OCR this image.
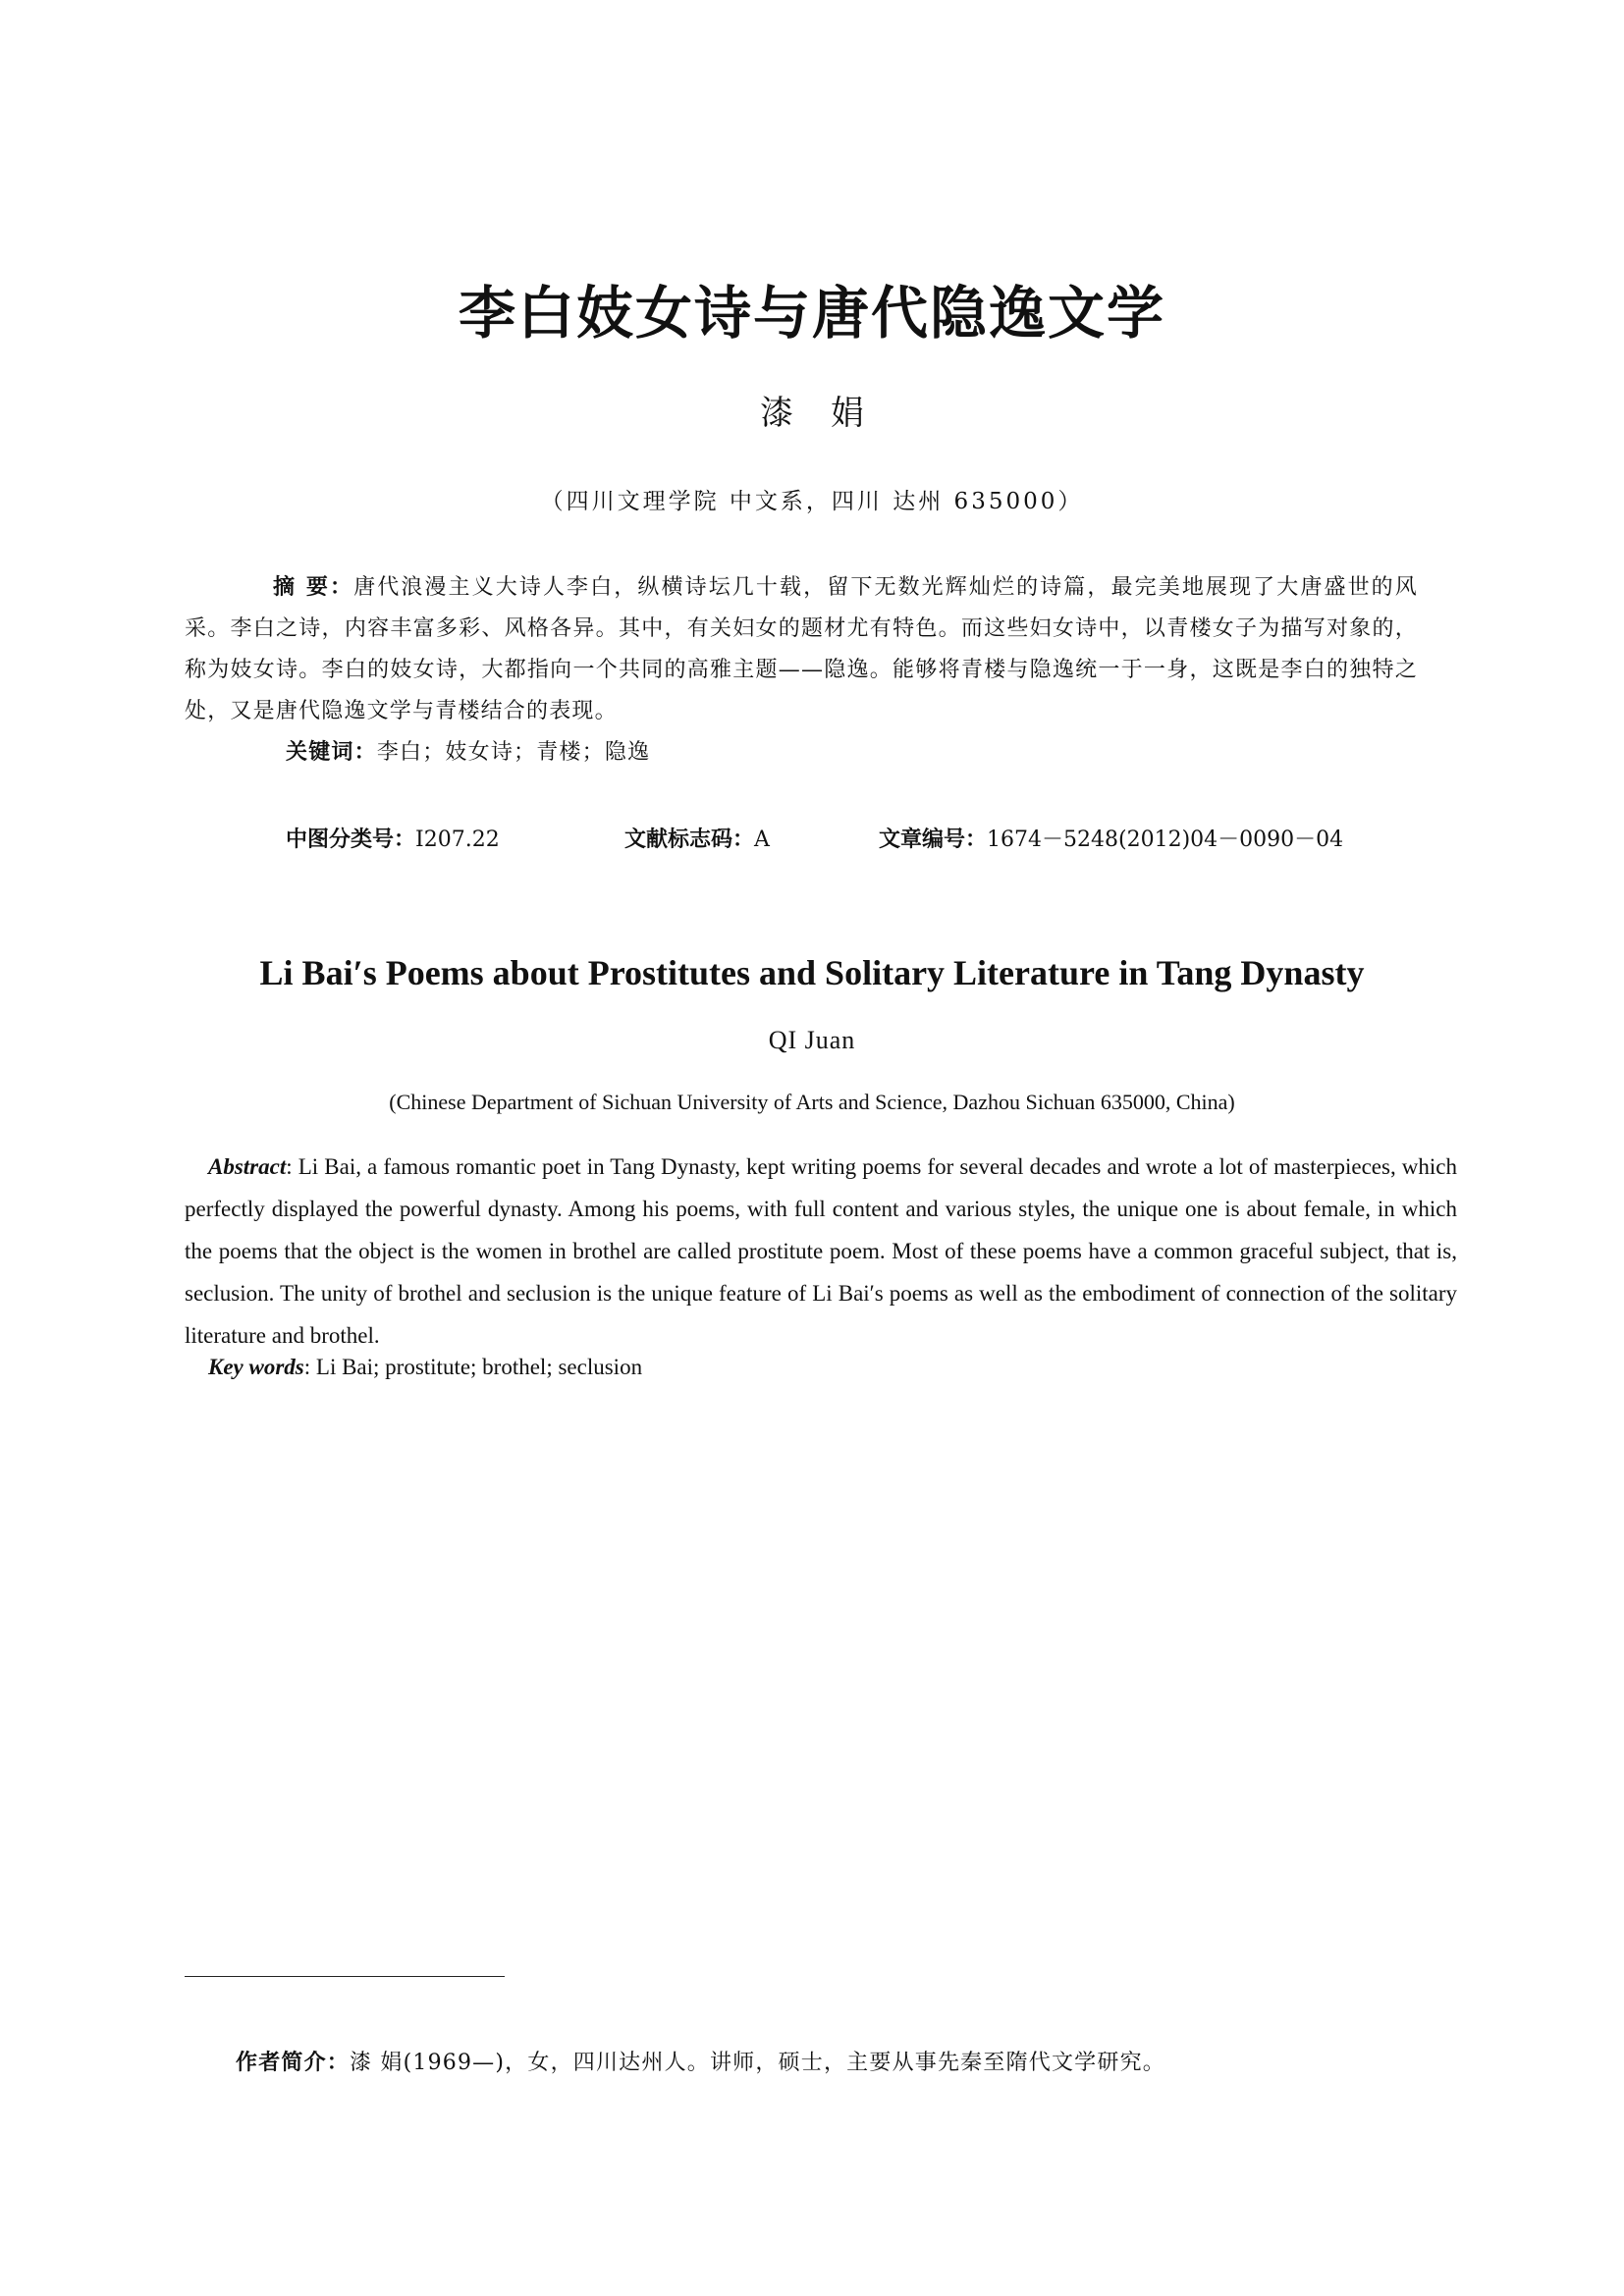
李白妓女诗与唐代隐逸文学
漆娟
（四川文理学院 中文系，四川 达州 635000）
摘 要：唐代浪漫主义大诗人李白，纵横诗坛几十载，留下无数光辉灿烂的诗篇，最完美地展现了大唐盛世的风采。李白之诗，内容丰富多彩、风格各异。其中，有关妇女的题材尤有特色。而这些妇女诗中，以青楼女子为描写对象的，称为妓女诗。李白的妓女诗，大都指向一个共同的高雅主题——隐逸。能够将青楼与隐逸统一于一身，这既是李白的独特之处，又是唐代隐逸文学与青楼结合的表现。
关键词：李白；妓女诗；青楼；隐逸
中图分类号：I207.22	文献标志码：A	文章编号：1674－5248(2012)04－0090－04
Li Bai′s Poems about Prostitutes and Solitary Literature in Tang Dynasty
QI Juan
(Chinese Department of Sichuan University of Arts and Science, Dazhou Sichuan 635000, China)
Abstract: Li Bai, a famous romantic poet in Tang Dynasty, kept writing poems for several decades and wrote a lot of masterpieces, which perfectly displayed the powerful dynasty. Among his poems, with full content and various styles, the unique one is about female, in which the poems that the object is the women in brothel are called prostitute poem. Most of these poems have a common graceful subject, that is, seclusion. The unity of brothel and seclusion is the unique feature of Li Bai′s poems as well as the embodiment of connection of the solitary literature and brothel.
Key words: Li Bai; prostitute; brothel; seclusion
作者简介：漆 娟(1969—)，女，四川达州人。讲师，硕士，主要从事先秦至隋代文学研究。
